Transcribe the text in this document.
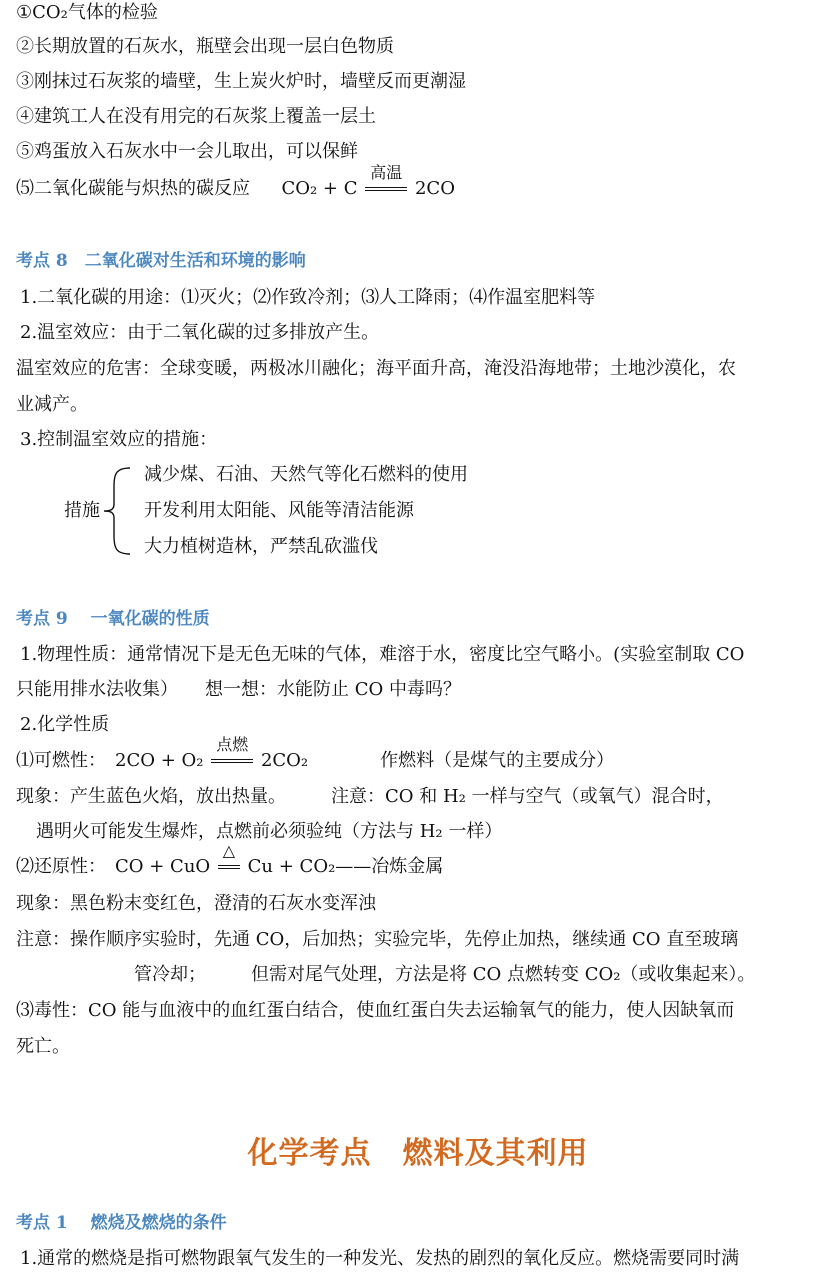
①CO₂气体的检验
②长期放置的石灰水，瓶壁会出现一层白色物质
③刚抹过石灰浆的墙壁，生上炭火炉时，墙壁反而更潮湿
④建筑工人在没有用完的石灰浆上覆盖一层土
⑤鸡蛋放入石灰水中一会儿取出，可以保鲜
⑸二氧化碳能与炽热的碳反应 CO₂ + C
高温
2CO
考点 8　二氧化碳对生活和环境的影响
1.二氧化碳的用途：⑴灭火；⑵作致冷剂；⑶人工降雨；⑷作温室肥料等
2.温室效应：由于二氧化碳的过多排放产生。
温室效应的危害：全球变暖，两极冰川融化；海平面升高，淹没沿海地带；土地沙漠化，农
业减产。
3.控制温室效应的措施：
措施
减少煤、石油、天然气等化石燃料的使用
开发利用太阳能、风能等清洁能源
大力植树造林，严禁乱砍滥伐
考点 9　 一氧化碳的性质
1.物理性质：通常情况下是无色无味的气体，难溶于水，密度比空气略小。(实验室制取 CO
只能用排水法收集）　　想一想：水能防止 CO 中毒吗？
2.化学性质
⑴可燃性：　2CO + O₂
点燃
2CO₂　　　　作燃料（是煤气的主要成分）
现象：产生蓝色火焰，放出热量。　　　注意：CO 和 H₂ 一样与空气（或氧气）混合时，
遇明火可能发生爆炸，点燃前必须验纯（方法与 H₂ 一样）
⑵还原性：　CO + CuO
△
Cu + CO₂——冶炼金属
现象：黑色粉末变红色，澄清的石灰水变浑浊
注意：操作顺序实验时，先通 CO，后加热；实验完毕，先停止加热，继续通 CO 直至玻璃
管冷却；　　　但需对尾气处理，方法是将 CO 点燃转变 CO₂（或收集起来）。
⑶毒性：CO 能与血液中的血红蛋白结合，使血红蛋白失去运输氧气的能力，使人因缺氧而
死亡。
化学考点　燃料及其利用
考点 1　 燃烧及燃烧的条件
1.通常的燃烧是指可燃物跟氧气发生的一种发光、发热的剧烈的氧化反应。燃烧需要同时满
